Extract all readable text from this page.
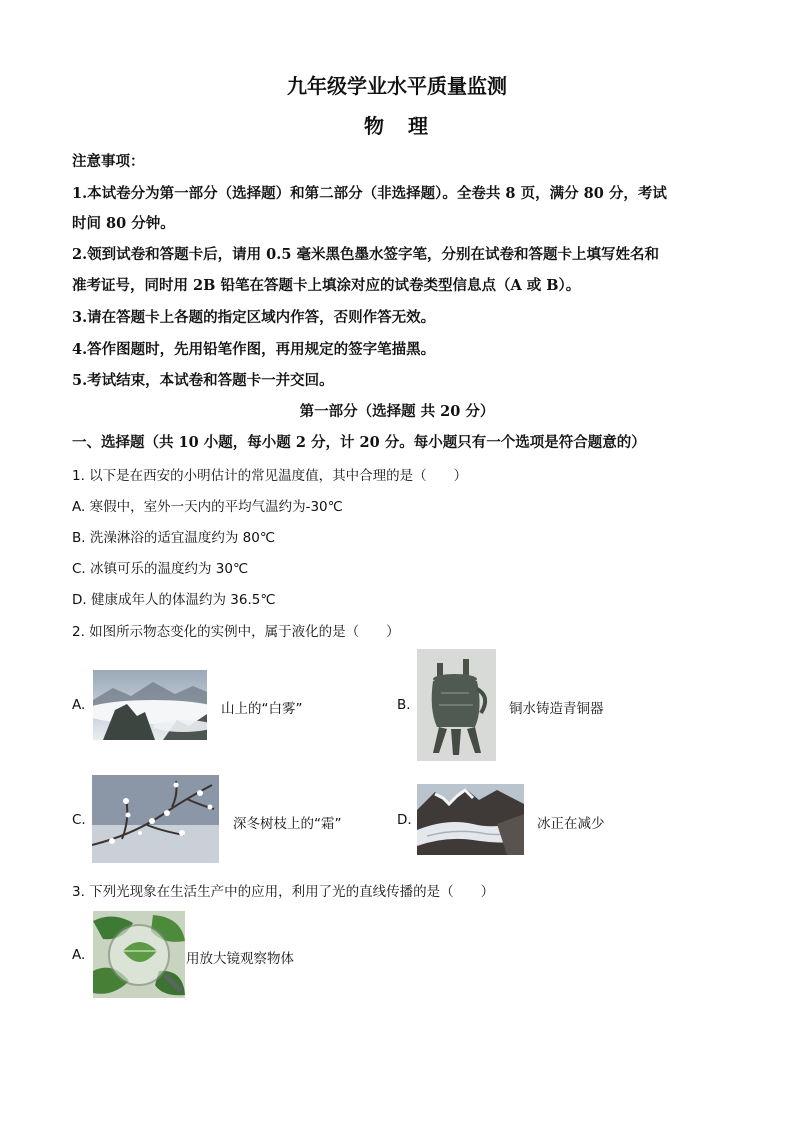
九年级学业水平质量监测
物　理
注意事项：
1.本试卷分为第一部分（选择题）和第二部分（非选择题）。全卷共 8 页，满分 80 分，考试
时间 80 分钟。
2.领到试卷和答题卡后，请用 0.5 毫米黑色墨水签字笔，分别在试卷和答题卡上填写姓名和
准考证号，同时用 2B 铅笔在答题卡上填涂对应的试卷类型信息点（A 或 B）。
3.请在答题卡上各题的指定区域内作答，否则作答无效。
4.答作图题时，先用铅笔作图，再用规定的签字笔描黑。
5.考试结束，本试卷和答题卡一并交回。
第一部分（选择题 共 20 分）
一、选择题（共 10 小题，每小题 2 分，计 20 分。每小题只有一个选项是符合题意的）
1. 以下是在西安的小明估计的常见温度值，其中合理的是（　　）
A. 寒假中，室外一天内的平均气温约为-30℃
B. 洗澡淋浴的适宜温度约为 80℃
C. 冰镇可乐的温度约为 30℃
D. 健康成年人的体温约为 36.5℃
2. 如图所示物态变化的实例中，属于液化的是（　　）
A.	山上的“白雾”	B.	铜水铸造青铜器
C.	深冬树枝上的“霜”	D.	冰正在减少
3. 下列光现象在生活生产中的应用，利用了光的直线传播的是（　　）
A.	用放大镜观察物体
